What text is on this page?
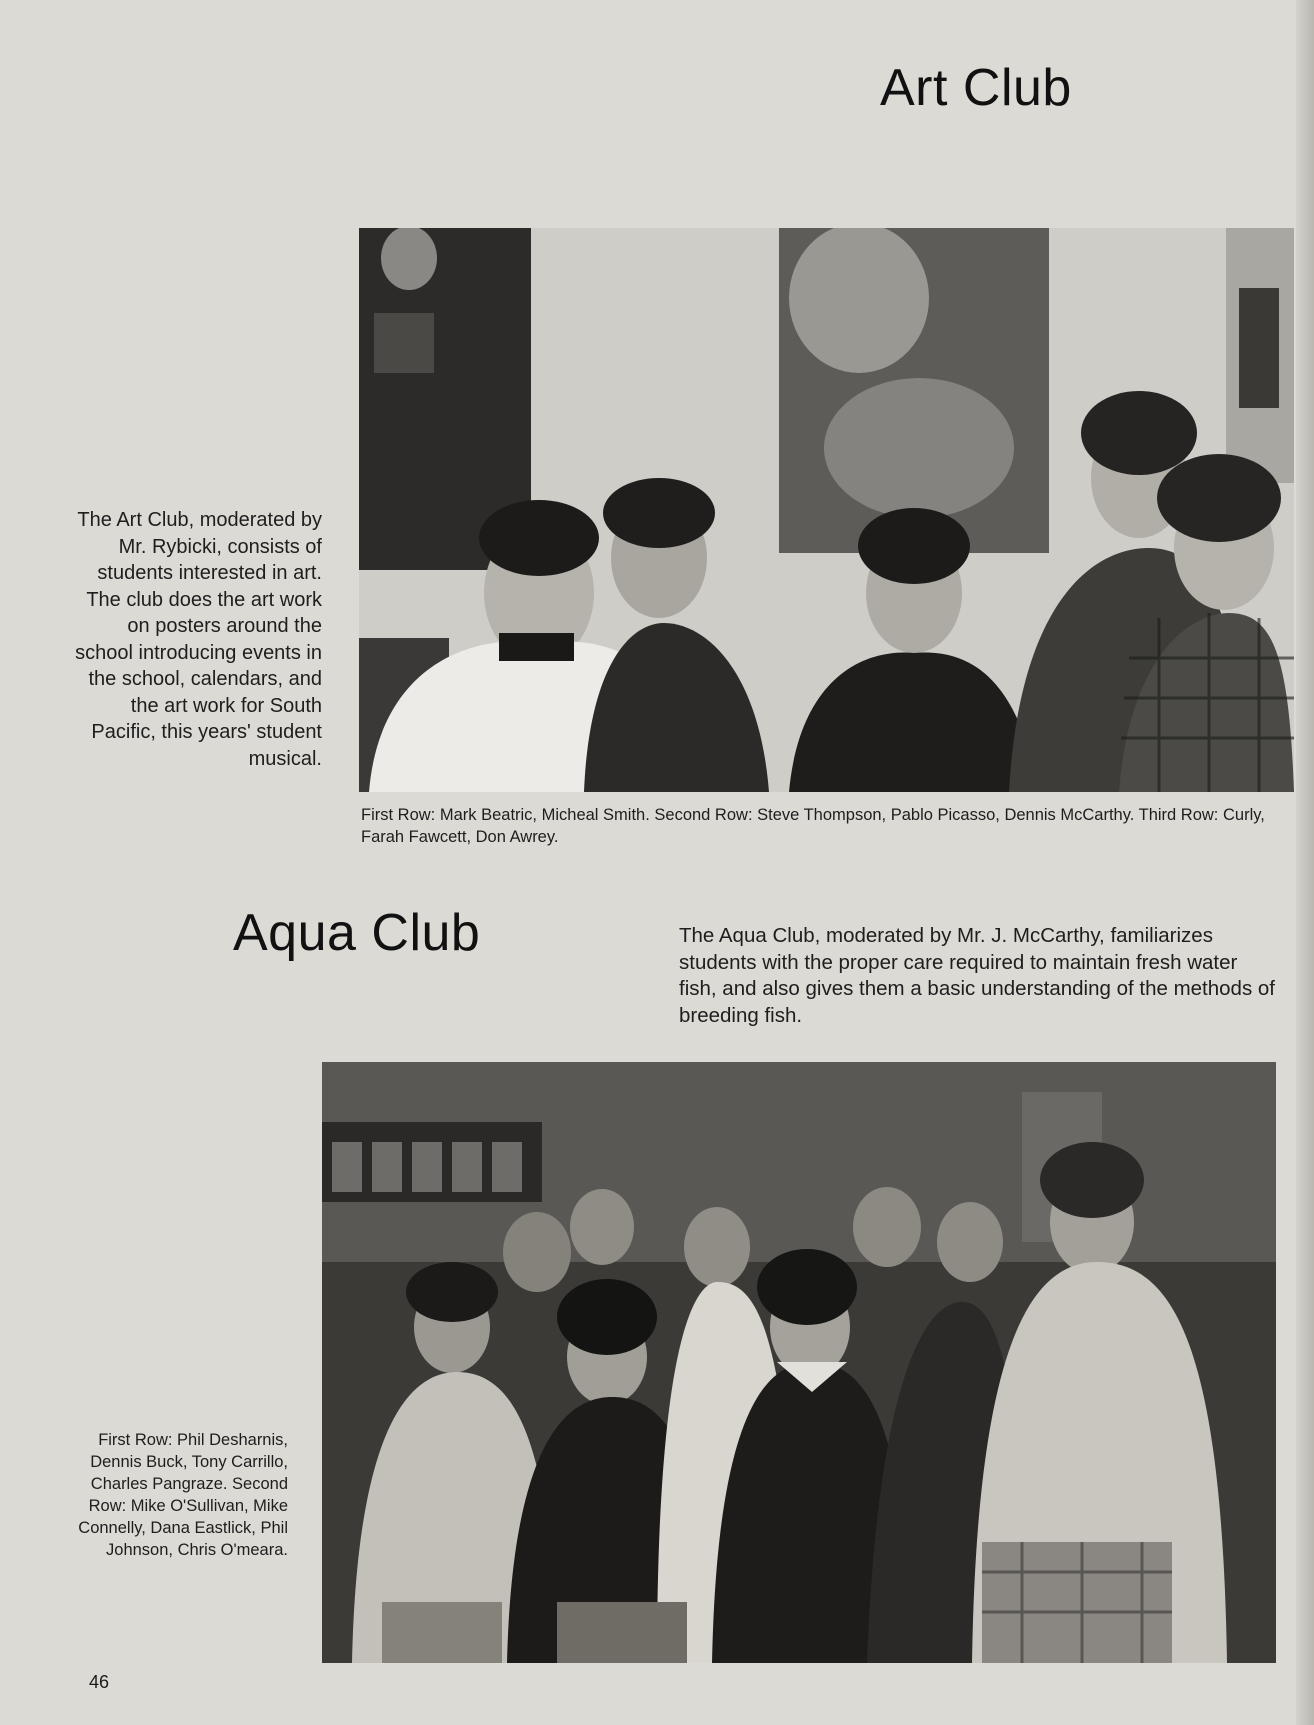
Art Club

The Art Club, moderated by Mr. Rybicki, consists of students interested in art. The club does the art work on posters around the school introducing events in the school, calendars, and the art work for South Pacific, this years' student musical.

First Row: Mark Beatric, Micheal Smith. Second Row: Steve Thompson, Pablo Picasso, Dennis McCarthy. Third Row: Curly, Farah Fawcett, Don Awrey.

Aqua Club	The Aqua Club, moderated by Mr. J. McCarthy, familiarizes students with the proper care required to maintain fresh water fish, and also gives them a basic understanding of the methods of breeding fish.

First Row: Phil Desharnis, Dennis Buck, Tony Carrillo, Charles Pangraze. Second Row: Mike O'Sullivan, Mike Connelly, Dana Eastlick, Phil Johnson, Chris O'meara.

46
